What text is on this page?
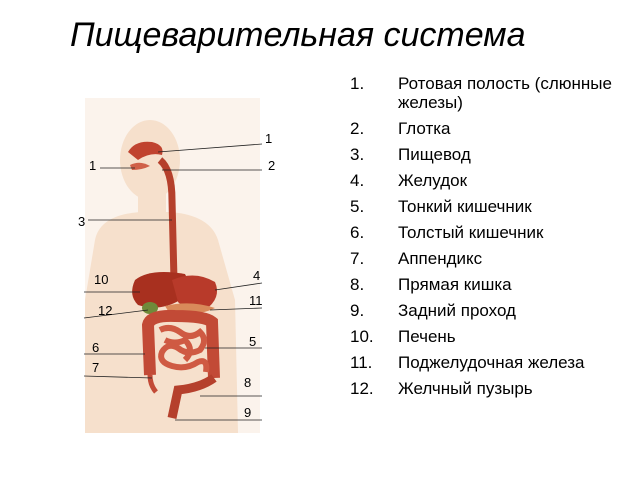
Пищеварительная система
1.	Ротовая полость (слюнные железы)
2.	Глотка
3.	Пищевод
4.	Желудок
5.	Тонкий кишечник
6.	Толстый кишечник
7.	Аппендикс
8.	Прямая кишка
9.	Задний проход
10.	Печень
11.	Поджелудочная железа
12.	Желчный пузырь
1
1	2
3
4
10
11
12
5
6
7
8
9
